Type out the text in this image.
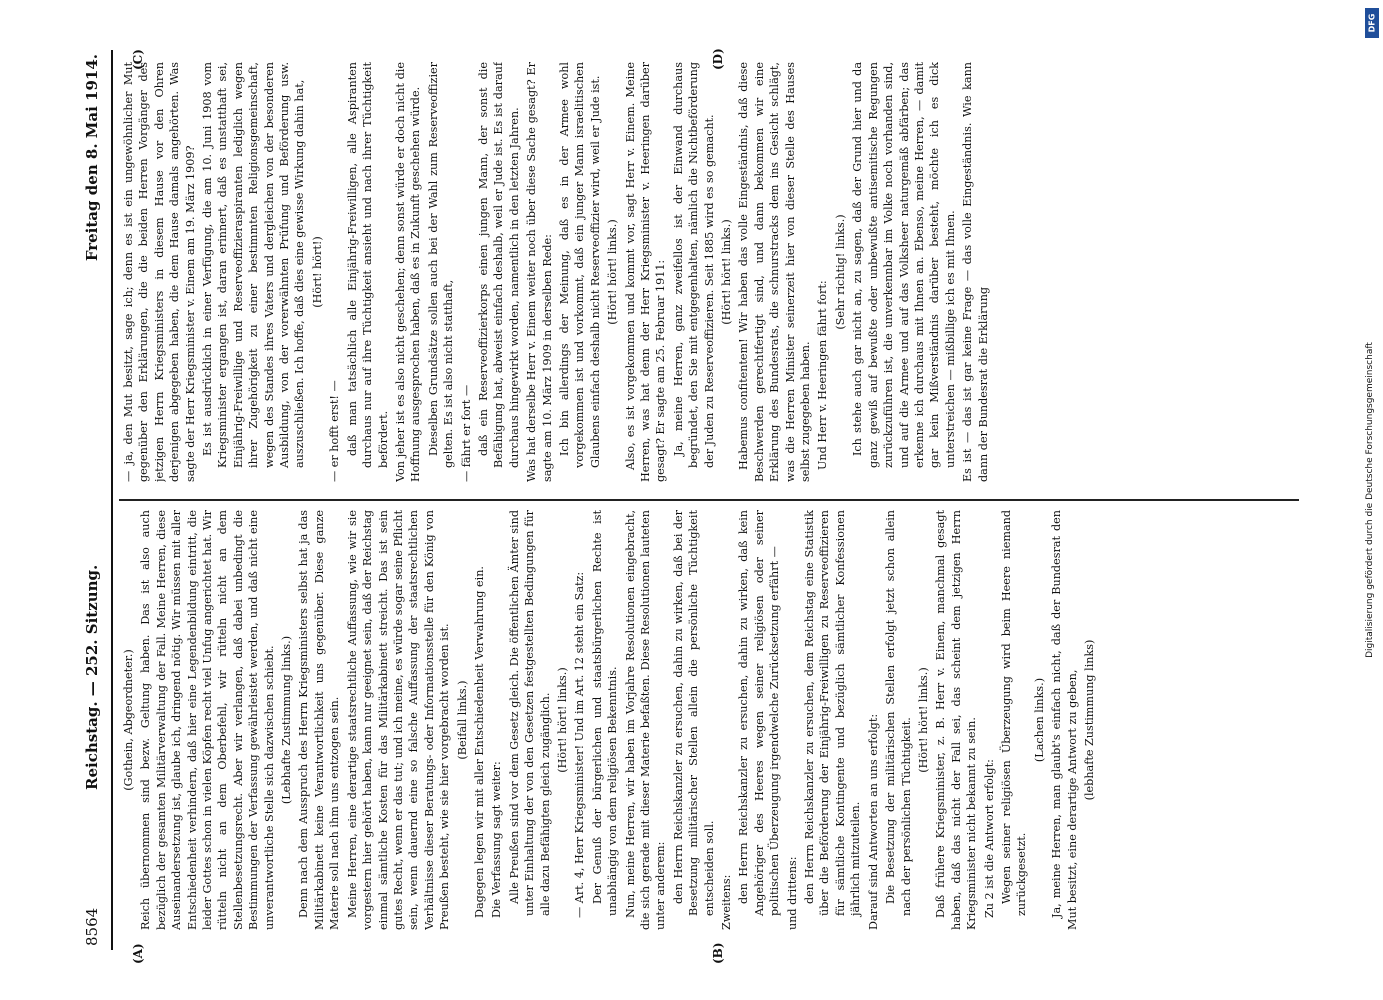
8564
Reichstag. — 252. Sitzung.
Freitag den 8. Mai 1914.
(A)	(B)
(C)	(D)

(Gothein, Abgeordneter.) Reich übernommen sind bezw. Geltung haben. Das ist also auch bezüglich der gesamten Militärverwaltung der Fall. Meine Herren, diese Auseinandersetzung ist, glaube ich, dringend nötig. Wir müssen mit aller Entschiedenheit verhindern, daß hier eine Legendenbildung eintritt, die leider Gottes schon in vielen Köpfen recht viel Unfug angerichtet hat. Wir rütteln nicht an dem Oberbefehl, wir rütteln nicht an dem Stellenbesetzungsrecht. Aber wir verlangen, daß dabei unbedingt die Bestimmungen der Verfassung gewährleistet werden, und daß nicht eine unverantwortliche Stelle sich dazwischen schiebt. (Lebhafte Zustimmung links.) Denn nach dem Ausspruch des Herrn Kriegsministers selbst hat ja das Militärkabinett keine Verantwortlichkeit uns gegenüber. Diese ganze Materie soll nach ihm uns entzogen sein. Meine Herren, eine derartige staatsrechtliche Auffassung, wie wir sie vorgestern hier gehört haben, kann nur geeignet sein, daß der Reichstag einmal sämtliche Kosten für das Militärkabinett streicht. Das ist sein gutes Recht, wenn er das tut; und ich meine, es würde sogar seine Pflicht sein, wenn dauernd eine so falsche Auffassung der staatsrechtlichen Verhältnisse dieser Beratungs- oder Informationsstelle für den König von Preußen besteht, wie sie hier vorgebracht worden ist. (Beifall links.) Dagegen legen wir mit aller Entschiedenheit Verwahrung ein. Die Verfassung sagt weiter: Alle Preußen sind vor dem Gesetz gleich. Die öffentlichen Ämter sind unter Einhaltung der von den Gesetzen festgestellten Bedingungen für alle dazu Befähigten gleich zugänglich. (Hört! hört! links.) — Art. 4, Herr Kriegsminister! Und im Art. 12 steht ein Satz: Der Genuß der bürgerlichen und staatsbürgerlichen Rechte ist unabhängig von dem religiösen Bekenntnis. Nun, meine Herren, wir haben im Vorjahre Resolutionen eingebracht, die sich gerade mit dieser Materie befaßten. Diese Resolutionen lauteten unter anderem: den Herrn Reichskanzler zu ersuchen, dahin zu wirken, daß bei der Besetzung militärischer Stellen allein die persönliche Tüchtigkeit entscheiden soll. Zweitens: den Herrn Reichskanzler zu ersuchen, dahin zu wirken, daß kein Angehöriger des Heeres wegen seiner religiösen oder seiner politischen Überzeugung irgendwelche Zurücksetzung erfährt — und drittens: den Herrn Reichskanzler zu ersuchen, dem Reichstag eine Statistik über die Beförderung der Einjährig-Freiwilligen zu Reserveoffizieren für sämtliche Kontingente und bezüglich sämtlicher Konfessionen jährlich mitzuteilen. Darauf sind Antworten an uns erfolgt: Die Besetzung der militärischen Stellen erfolgt jetzt schon allein nach der persönlichen Tüchtigkeit. (Hört! hört! links.) Daß frühere Kriegsminister, z. B. Herr v. Einem, manchmal gesagt haben, daß das nicht der Fall sei, das scheint dem jetzigen Herrn Kriegsminister nicht bekannt zu sein. Zu 2 ist die Antwort erfolgt: Wegen seiner religiösen Überzeugung wird beim Heere niemand zurückgesetzt.

(Lachen links.) Ja, meine Herren, man glaubt's einfach nicht, daß der Bundesrat den Mut besitzt, eine derartige Antwort zu geben, (lebhafte Zustimmung links)

— ja, den Mut besitzt, sage ich; denn es ist ein ungewöhnlicher Mut gegenüber den Erklärungen, die die beiden Herren Vorgänger des jetzigen Herrn Kriegsministers in diesem Hause vor den Ohren derjenigen abgegeben haben, die dem Hause damals angehörten. Was sagte der Herr Kriegsminister v. Einem am 19. März 1909? Es ist ausdrücklich in einer Verfügung, die am 10. Juni 1908 vom Kriegsminister ergangen ist, daran erinnert, daß es unstatthaft sei, Einjährig-Freiwillige und Reserveoffizieraspiranten lediglich wegen ihrer Zugehörigkeit zu einer bestimmten Religionsgemeinschaft, wegen des Standes ihres Vaters und dergleichen von der besonderen Ausbildung, von der vorerwähnten Prüfung und Beförderung usw. auszuschließen. Ich hoffe, daß dies eine gewisse Wirkung dahin hat, (Hört! hört!)

— er hofft erst! — daß man tatsächlich alle Einjährig-Freiwilligen, alle Aspiranten durchaus nur auf ihre Tüchtigkeit ansieht und nach ihrer Tüchtigkeit befördert. Von jeher ist es also nicht geschehen; denn sonst würde er doch nicht die Hoffnung ausgesprochen haben, daß es in Zukunft geschehen würde. Dieselben Grundsätze sollen auch bei der Wahl zum Reserveoffizier gelten. Es ist also nicht statthaft, — fährt er fort — daß ein Reserveoffizierkorps einen jungen Mann, der sonst die Befähigung hat, abweist einfach deshalb, weil er Jude ist. Es ist darauf durchaus hingewirkt worden, namentlich in den letzten Jahren. Was hat derselbe Herr v. Einem weiter noch über diese Sache gesagt? Er sagte am 10. März 1909 in derselben Rede: Ich bin allerdings der Meinung, daß es in der Armee wohl vorgekommen ist und vorkommt, daß ein junger Mann israelitischen Glaubens einfach deshalb nicht Reserveoffizier wird, weil er Jude ist. (Hört! hört! links.) Also, es ist vorgekommen und kommt vor, sagt Herr v. Einem. Meine Herren, was hat denn der Herr Kriegsminister v. Heeringen darüber gesagt? Er sagte am 25. Februar 1911: Ja, meine Herren, ganz zweifellos ist der Einwand durchaus begründet, den Sie mit entgegenhalten, nämlich die Nichtbeförderung der Juden zu Reserveoffizieren. Seit 1885 wird es so gemacht. (Hört! hört! links.) Habemus confitentem! Wir haben das volle Eingeständnis, daß diese Beschwerden gerechtfertigt sind, und dann bekommen wir eine Erklärung des Bundesrats, die schnurstracks dem ins Gesicht schlägt, was die Herren Minister seinerzeit hier von dieser Stelle des Hauses selbst zugegeben haben. Und Herr v. Heeringen fährt fort:

(Sehr richtig! links.) Ich stehe auch gar nicht an, zu sagen, daß der Grund hier und da ganz gewiß auf bewußte oder unbewußte antisemitische Regungen zurückzuführen ist, die unverkennbar im Volke noch vorhanden sind, und auf die Armee und auf das Volksheer naturgemäß abfärben; das erkenne ich durchaus mit Ihnen an. Ebenso, meine Herren, — damit gar kein Mißverständnis darüber besteht, möchte ich es dick unterstreichen — mißbillige ich es mit Ihnen. Es ist — das ist gar keine Frage — das volle Eingeständnis. Wie kann dann der Bundesrat die Erklärung

DFG
Digitalisierung gefördert durch die Deutsche Forschungsgemeinschaft
